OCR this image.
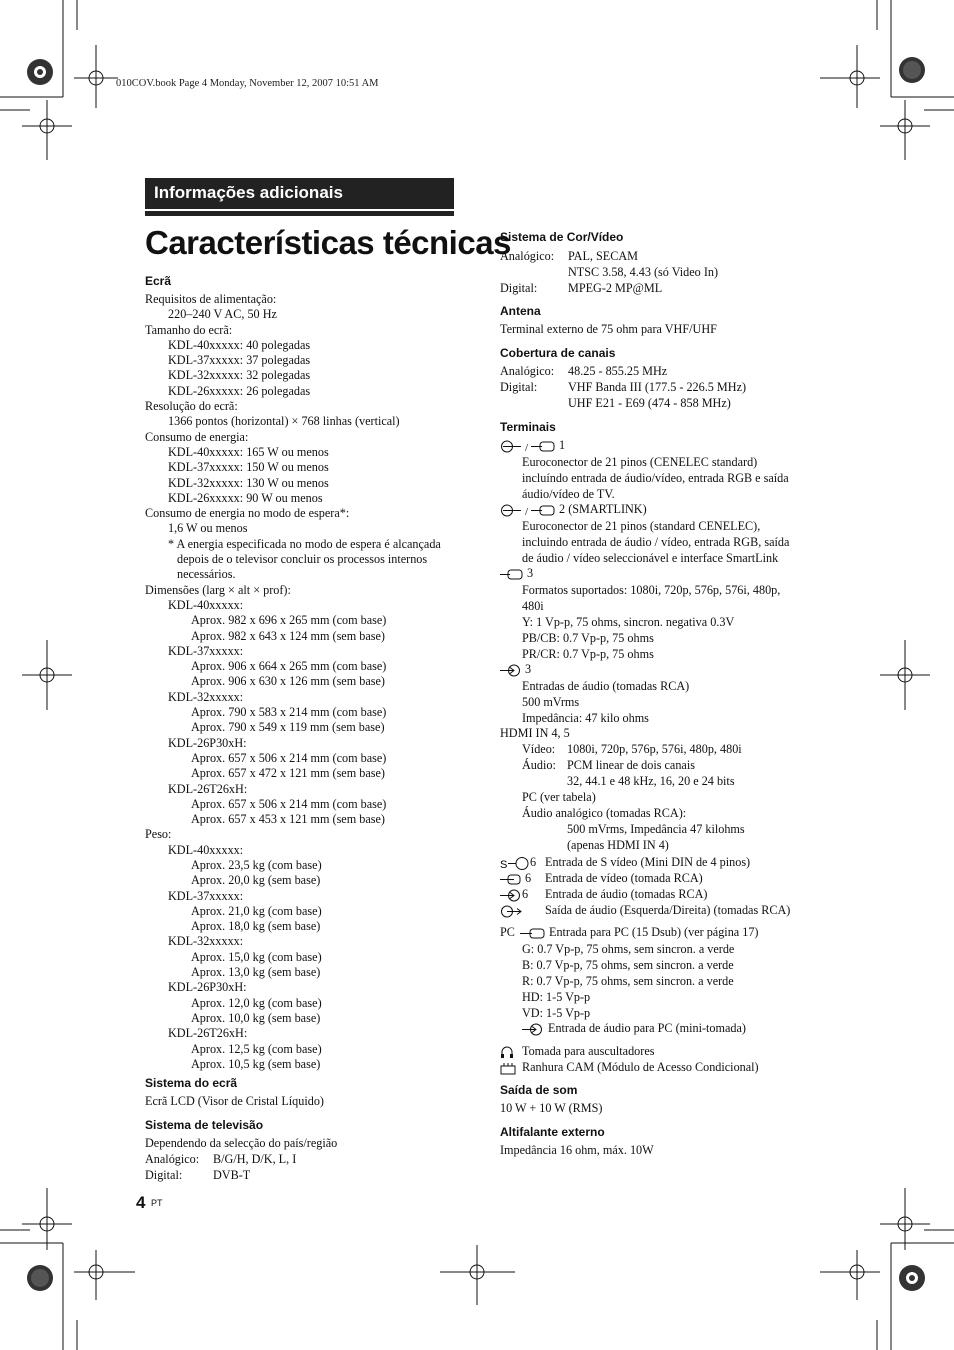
010COV.book Page 4 Monday, November 12, 2007 10:51 AM
Informações adicionais
Características técnicas
Ecrã
Requisitos de alimentação:
220–240 V AC, 50 Hz
Tamanho do ecrã:
KDL-40xxxxx: 40 polegadas
KDL-37xxxxx: 37 polegadas
KDL-32xxxxx: 32 polegadas
KDL-26xxxxx: 26 polegadas
Resolução do ecrã:
1366 pontos (horizontal) × 768 linhas (vertical)
Consumo de energia:
KDL-40xxxxx: 165 W ou menos
KDL-37xxxxx: 150 W ou menos
KDL-32xxxxx: 130 W ou menos
KDL-26xxxxx: 90 W ou menos
Consumo de energia no modo de espera*:
1,6 W ou menos
* A energia especificada no modo de espera é alcançada
depois de o televisor concluir os processos internos
necessários.
Dimensões (larg × alt × prof):
KDL-40xxxxx:
Aprox. 982 x 696 x 265 mm (com base)
Aprox. 982 x 643 x 124 mm (sem base)
KDL-37xxxxx:
Aprox. 906 x 664 x 265 mm (com base)
Aprox. 906 x 630 x 126 mm (sem base)
KDL-32xxxxx:
Aprox. 790 x 583 x 214 mm (com base)
Aprox. 790 x 549 x 119 mm (sem base)
KDL-26P30xH:
Aprox. 657 x 506 x 214 mm (com base)
Aprox. 657 x 472 x 121 mm (sem base)
KDL-26T26xH:
Aprox. 657 x 506 x 214 mm (com base)
Aprox. 657 x 453 x 121 mm (sem base)
Peso:
KDL-40xxxxx:
Aprox. 23,5 kg (com base)
Aprox. 20,0 kg (sem base)
KDL-37xxxxx:
Aprox. 21,0 kg (com base)
Aprox. 18,0 kg (sem base)
KDL-32xxxxx:
Aprox. 15,0 kg (com base)
Aprox. 13,0 kg (sem base)
KDL-26P30xH:
Aprox. 12,0 kg (com base)
Aprox. 10,0 kg (sem base)
KDL-26T26xH:
Aprox. 12,5 kg (com base)
Aprox. 10,5 kg (sem base)
Sistema do ecrã
Ecrã LCD (Visor de Cristal Líquido)
Sistema de televisão
Dependendo da selecção do país/região
Analógico: B/G/H, D/K, L, I
Digital:	DVB-T
4 PT
Sistema de Cor/Vídeo
Analógico: PAL, SECAM
NTSC 3.58, 4.43 (só Video In)
Digital:	MPEG-2 MP@ML
Antena
Terminal externo de 75 ohm para VHF/UHF
Cobertura de canais
Analógico: 48.25 - 855.25 MHz
Digital:	VHF Banda III (177.5 - 226.5 MHz)
UHF E21 - E69 (474 - 858 MHz)
Terminais
/	1
Euroconector de 21 pinos (CENELEC standard)
incluíndo entrada de áudio/vídeo, entrada RGB e saída
áudio/vídeo de TV.
/	2 (SMARTLINK)
Euroconector de 21 pinos (standard CENELEC),
incluindo entrada de áudio / vídeo, entrada RGB, saída
de áudio / vídeo seleccionável e interface SmartLink
3
Formatos suportados: 1080i, 720p, 576p, 576i, 480p,
480i
Y: 1 Vp-p, 75 ohms, sincron. negativa 0.3V
PB/CB: 0.7 Vp-p, 75 ohms
PR/CR: 0.7 Vp-p, 75 ohms
3
Entradas de áudio (tomadas RCA)
500 mVrms
Impedância: 47 kilo ohms
HDMI IN 4, 5
Vídeo: 1080i, 720p, 576p, 576i, 480p, 480i
Áudio: PCM linear de dois canais
32, 44.1 e 48 kHz, 16, 20 e 24 bits
PC (ver tabela)
Áudio analógico (tomadas RCA):
500 mVrms, Impedância 47 kilohms
(apenas HDMI IN 4)
S 6 Entrada de S vídeo (Mini DIN de 4 pinos)
6 Entrada de vídeo (tomada RCA)
6 Entrada de áudio (tomadas RCA)
Saída de áudio (Esquerda/Direita) (tomadas RCA)
PC	Entrada para PC (15 Dsub) (ver página 17)
G: 0.7 Vp-p, 75 ohms, sem sincron. a verde
B: 0.7 Vp-p, 75 ohms, sem sincron. a verde
R: 0.7 Vp-p, 75 ohms, sem sincron. a verde
HD: 1-5 Vp-p
VD: 1-5 Vp-p
Entrada de áudio para PC (mini-tomada)
Tomada para auscultadores
Ranhura CAM (Módulo de Acesso Condicional)
Saída de som
10 W + 10 W (RMS)
Altifalante externo
Impedância 16 ohm, máx. 10W
